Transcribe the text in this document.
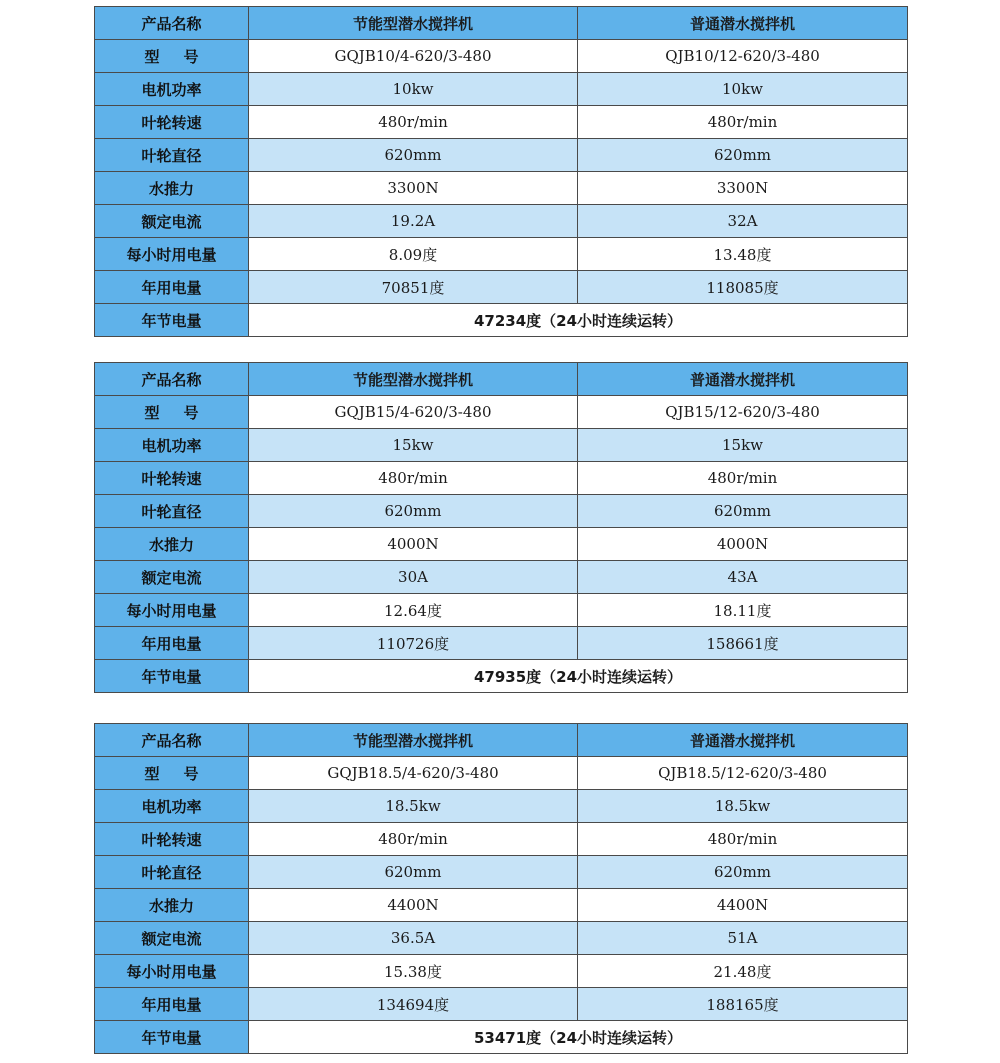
产品名称	节能型潜水搅拌机	普通潜水搅拌机
型号	GQJB10/4-620/3-480	QJB10/12-620/3-480
电机功率	10kw	10kw
叶轮转速	480r/min	480r/min
叶轮直径	620mm	620mm
水推力	3300N	3300N
额定电流	19.2A	32A
每小时用电量	8.09度	13.48度
年用电量	70851度	118085度
年节电量	47234度（24小时连续运转）	
产品名称	节能型潜水搅拌机	普通潜水搅拌机
型号	GQJB15/4-620/3-480	QJB15/12-620/3-480
电机功率	15kw	15kw
叶轮转速	480r/min	480r/min
叶轮直径	620mm	620mm
水推力	4000N	4000N
额定电流	30A	43A
每小时用电量	12.64度	18.11度
年用电量	110726度	158661度
年节电量	47935度（24小时连续运转）	
产品名称	节能型潜水搅拌机	普通潜水搅拌机
型号	GQJB18.5/4-620/3-480	QJB18.5/12-620/3-480
电机功率	18.5kw	18.5kw
叶轮转速	480r/min	480r/min
叶轮直径	620mm	620mm
水推力	4400N	4400N
额定电流	36.5A	51A
每小时用电量	15.38度	21.48度
年用电量	134694度	188165度
年节电量	53471度（24小时连续运转）	
